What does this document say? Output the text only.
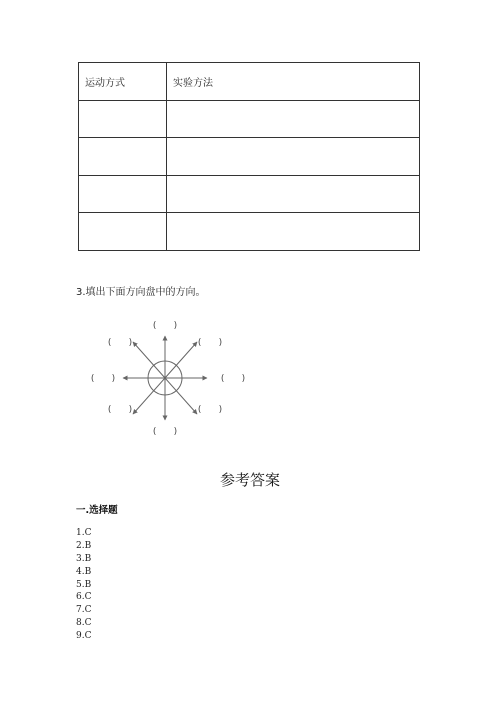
运动方式	实验方法

3.填出下面方向盘中的方向。
(      )
(      )	(      )
(      )	(      )
(      )	(      )
(      )
参考答案
一.选择题
1.C
2.B
3.B
4.B
5.B
6.C
7.C
8.C
9.C
